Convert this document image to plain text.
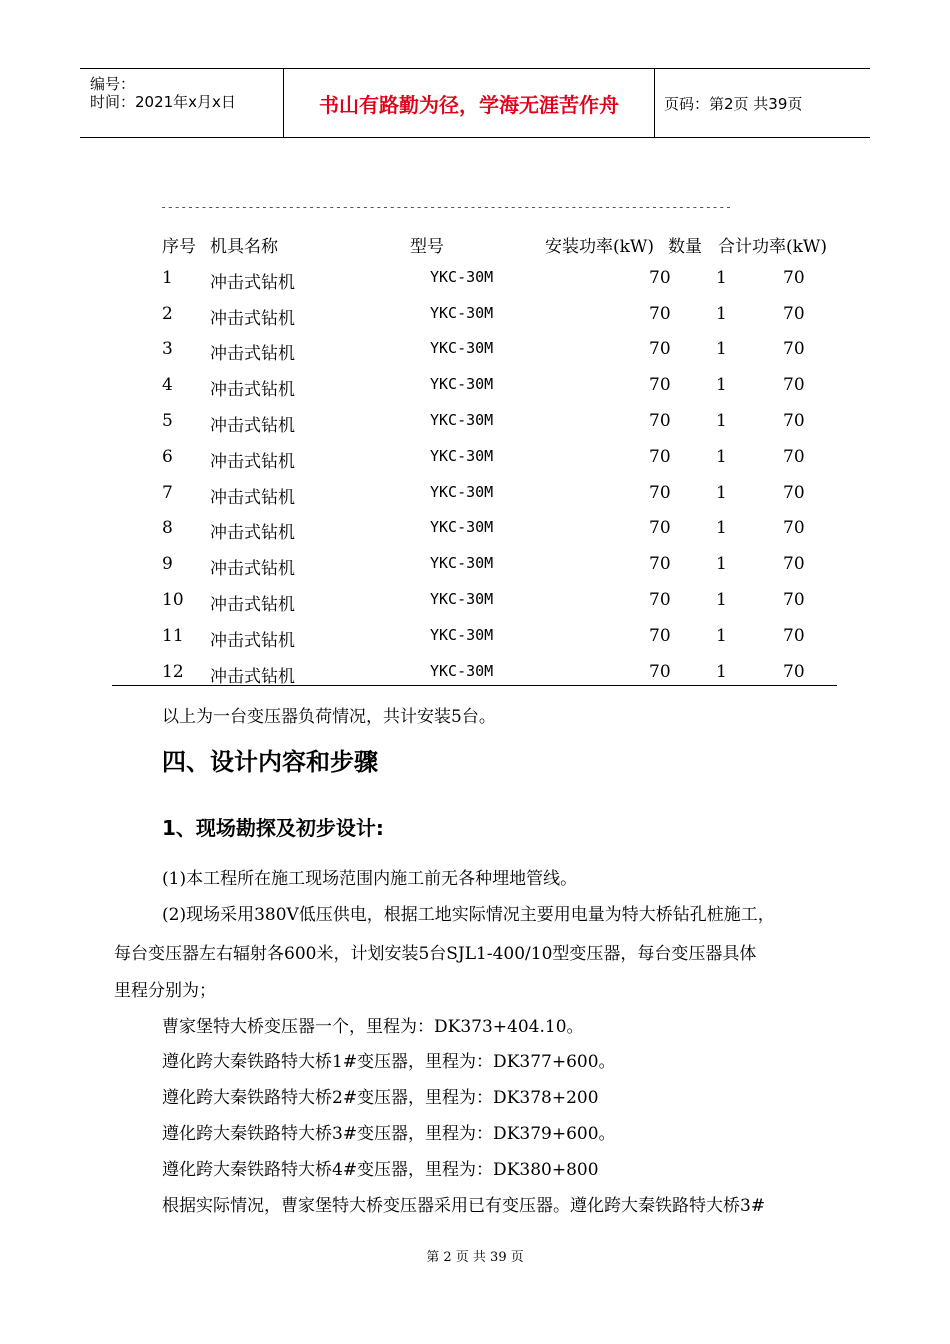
编号：
时间：2021年x月x日	书山有路勤为径，学海无涯苦作舟	页码：第2页 共39页
-------------------------------------------------------------------------------------
序号 机具名称	型号	安装功率(kW) 数量 合计功率(kW)
1 冲击式钻机	YKC-30M	70	1	70
2 冲击式钻机	YKC-30M	70	1	70
3 冲击式钻机	YKC-30M	70	1	70
4 冲击式钻机	YKC-30M	70	1	70
5 冲击式钻机	YKC-30M	70	1	70
6 冲击式钻机	YKC-30M	70	1	70
7 冲击式钻机	YKC-30M	70	1	70
8 冲击式钻机	YKC-30M	70	1	70
9 冲击式钻机	YKC-30M	70	1	70
10 冲击式钻机	YKC-30M	70	1	70
11 冲击式钻机	YKC-30M	70	1	70
12 冲击式钻机	YKC-30M	70	1	70
以上为一台变压器负荷情况，共计安装5台。
四、设计内容和步骤
1、现场勘探及初步设计:
(1)本工程所在施工现场范围内施工前无各种埋地管线。
(2)现场采用380V低压供电，根据工地实际情况主要用电量为特大桥钻孔桩施工，
每台变压器左右辐射各600米，计划安装5台SJL1-400/10型变压器，每台变压器具体
里程分别为；
曹家堡特大桥变压器一个，里程为：DK373+404.10。
遵化跨大秦铁路特大桥1#变压器，里程为：DK377+600。
遵化跨大秦铁路特大桥2#变压器，里程为：DK378+200
遵化跨大秦铁路特大桥3#变压器，里程为：DK379+600。
遵化跨大秦铁路特大桥4#变压器，里程为：DK380+800
根据实际情况，曹家堡特大桥变压器采用已有变压器。遵化跨大秦铁路特大桥3#
第 2 页 共 39 页
